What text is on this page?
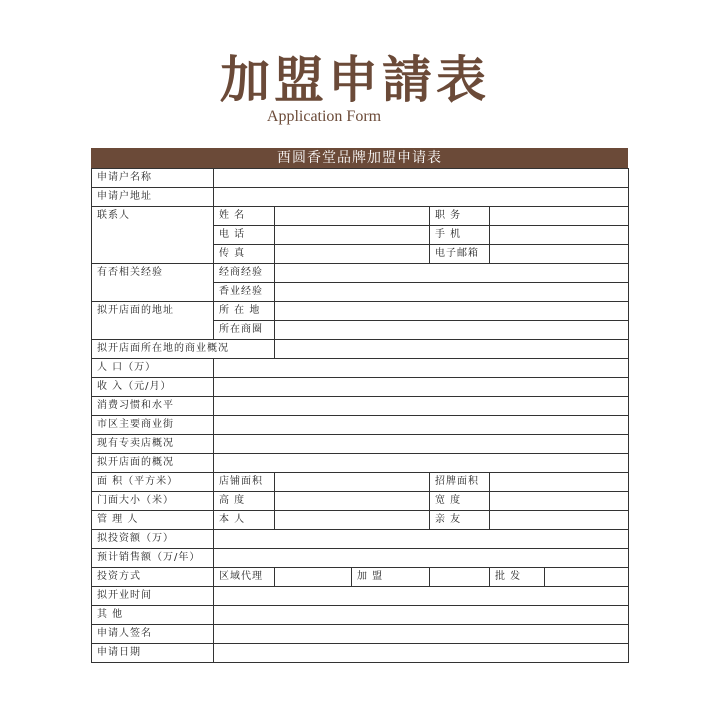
加盟申請表
Application Form
酉圆香堂品牌加盟申请表
申请户名称						
申请户地址						
联系人	姓 名			职 务		
	电 话			手 机		
	传 真			电子邮箱		
有否相关经验	经商经验					
	香业经验					
拟开店面的地址	所 在 地					
	所在商圈					
拟开店面所在地的商业概况						
人 口（万）						
收 入（元/月）						
消费习惯和水平						
市区主要商业街						
现有专卖店概况						
拟开店面的概况						
面 积（平方米）	店铺面积			招牌面积		
门面大小（米）	高 度			宽 度		
管 理 人	本 人			亲 友		
拟投资额（万）						
预计销售额（万/年）						
投资方式	区域代理		加 盟		批 发	
拟开业时间						
其 他						
申请人签名						
申请日期						
